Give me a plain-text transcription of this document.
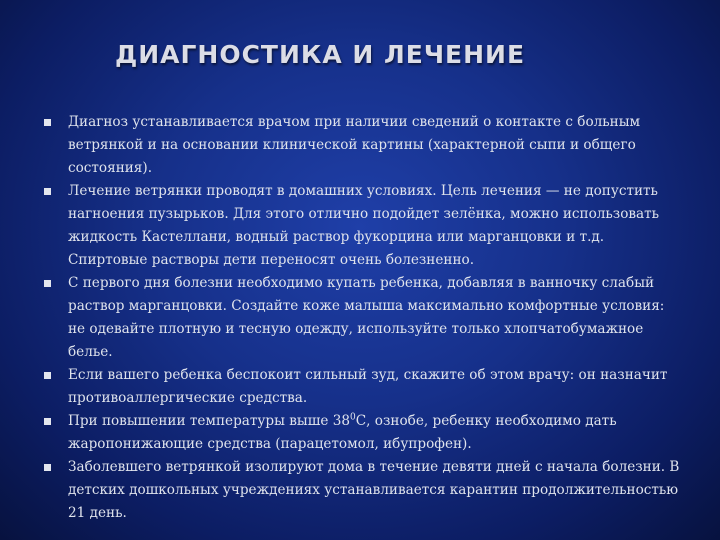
ДИАГНОСТИКА И ЛЕЧЕНИЕ
Диагноз устанавливается врачом при наличии сведений о контакте с больным ветрянкой и на основании клинической картины (характерной сыпи и общего состояния).
Лечение ветрянки проводят в домашних условиях. Цель лечения — не допустить нагноения пузырьков. Для этого отлично подойдет зелёнка, можно использовать жидкость Кастеллани, водный раствор фукорцина или марганцовки и т.д. Спиртовые растворы дети переносят очень болезненно.
С первого дня болезни необходимо купать ребенка, добавляя в ванночку слабый раствор марганцовки. Создайте коже малыша максимально комфортные условия: не одевайте плотную и тесную одежду, используйте только хлопчатобумажное белье.
Если вашего ребенка беспокоит сильный зуд, скажите об этом врачу: он назначит противоаллергические средства.
При повышении температуры выше $38^0С$, ознобе, ребенку необходимо дать жаропонижающие средства (парацетомол, ибупрофен).
Заболевшего ветрянкой изолируют дома в течение девяти дней с начала болезни. В детских дошкольных учреждениях устанавливается карантин продолжительностью 21 день.
